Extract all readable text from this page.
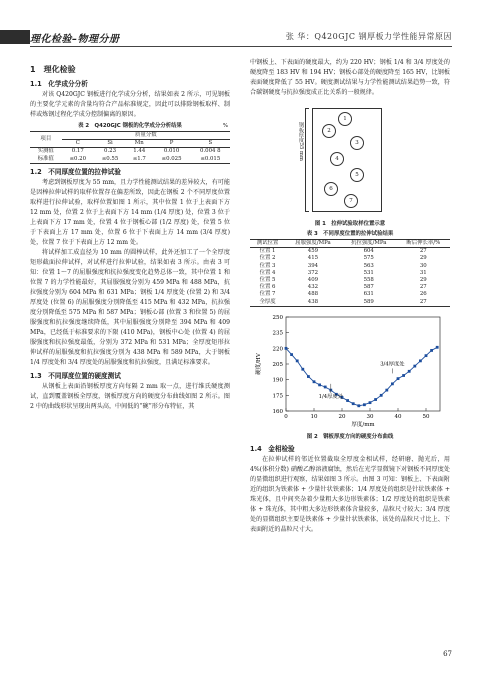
理化检验–物理分册	张 华：Q420GJC 钢厚板力学性能异常原因
1　理化检验
1.1　化学成分分析

对该 Q420GJC 钢板进行化学成分分析，结果如表 2 所示，可见钢板的主要化学元素的含量均符合产品标准规定，因此可以排除钢板取样、制样或炼钢过程化学成分控制偏离的原因。

表 2　Q420GJC 钢板的化学成分分析结果	%
项目	质量分数				
	C	Si	Mn	P	S
实测值	0.17	0.23	1.44	0.010	0.004 8
标准值	≤0.20	≤0.55	≤1.7	≤0.025	≤0.015
1.2　不同厚度位置的拉伸试验

考虑到钢板厚度为 55 mm，且力学性能测试结果的差异较大，有可能是因棒拉伸试样的取样位置存在偏差所致，因此在钢板 2 个不同厚度位置取样进行拉伸试验，取样位置如图 1 所示，其中位置 1 位于上表面下方 12 mm 处，位置 2 位于上表面下方 14 mm (1/4 厚度) 处，位置 3 位于上表面下方 17 mm 处，位置 4 位于钢板心部 (1/2 厚度) 处，位置 5 位于下表面上方 17 mm 处，位置 6 位于下表面上方 14 mm (3/4 厚度) 处，位置 7 位于下表面上方 12 mm 处。

将试样加工成直径为 10 mm 的圆棒试样，此外还加工了一个全厚度矩形截面拉伸试样，对试样进行拉伸试验，结果如表 3 所示。由表 3 可知：位置 1～7 的屈服强度和抗拉强度变化趋势总体一致，其中位置 1 和位置 7 的力学性能最好，其屈服强度分别为 459 MPa 和 488 MPa，抗拉强度分别为 604 MPa 和 631 MPa；钢板 1/4 厚度处 (位置 2) 和 3/4 厚度处 (位置 6) 的屈服强度分别降低至 415 MPa 和 432 MPa，抗拉强度分别降低至 575 MPa 和 587 MPa；钢板心部 (位置 3 和位置 5) 的屈服强度和抗拉强度继续降低，其中屈服强度分别降至 394 MPa 和 409 MPa，已经低于标准要求的下限 (410 MPa)，钢板中心处 (位置 4) 的屈服强度和抗拉强度最低，分别为 372 MPa 和 531 MPa；全厚度矩形拉伸试样的屈服强度和抗拉强度分别为 438 MPa 和 589 MPa，大于钢板 1/4 厚度处和 3/4 厚度处的屈服强度和抗拉强度，且满足标准要求。

1.3　不同厚度位置的硬度测试

从钢板上表面沿钢板厚度方向每隔 2 mm 取一点，进行维氏硬度测试，直到覆盖钢板全厚度，钢板厚度方向的硬度分布曲线如图 2 所示。图 2 中的曲线形状呈现出两头高，中间低的“碗”形分布特征，其

中钢板上、下表面的硬度最大，约为 220 HV；钢板 1/4 和 3/4 厚度处的硬度降至 183 HV 和 194 HV；钢板心部处的硬度降至 165 HV，比钢板表面硬度降低了 55 HV。硬度测试结果与力学性能测试结果趋势一致，符合碳钢硬度与抗拉强度成正比关系的一般规律。

钢板厚度55 mm
1
2
3
4
5
6
7
图 1　拉伸试验取样位置示意
表 3　不同厚度位置的拉伸试验结果
测试位置	屈服强度/MPa	抗拉强度/MPa	断后伸长率/%
位置 1	459	604	27
位置 2	415	575	29
位置 3	394	563	30
位置 4	372	531	31
位置 5	409	558	29
位置 6	432	587	27
位置 7	488	631	26
全厚度	438	589	27
160
175
190
205
220
235
250
0	10	20	30	40	50
厚度/mm
硬度/HV
1/4厚度处
3/4厚度处
图 2　钢板厚度方向的硬度分布曲线
1.4　金相检验

在拉伸试样的邻近位置截取全厚度金相试样，经研磨、抛光后，用 4%(体积分数) 硝酸乙醇溶液腐蚀，然后在光学显微镜下对钢板不同厚度处的显微组织进行观察，结果如图 3 所示。由图 3 可知：钢板上、下表面附近的组织为铁素体 + 少量针状铁素体；1/4 厚度处的组织是针状铁素体 + 珠光体，且中间夹杂着少量粗大多边形铁素体；1/2 厚度处的组织是铁素体 + 珠光体，其中粗大多边形铁素体含量较多，晶粒尺寸较大；3/4 厚度处的显微组织主要是铁素体 + 少量针状铁素体，该处的晶粒尺寸比上、下表面附近的晶粒尺寸大。

67
